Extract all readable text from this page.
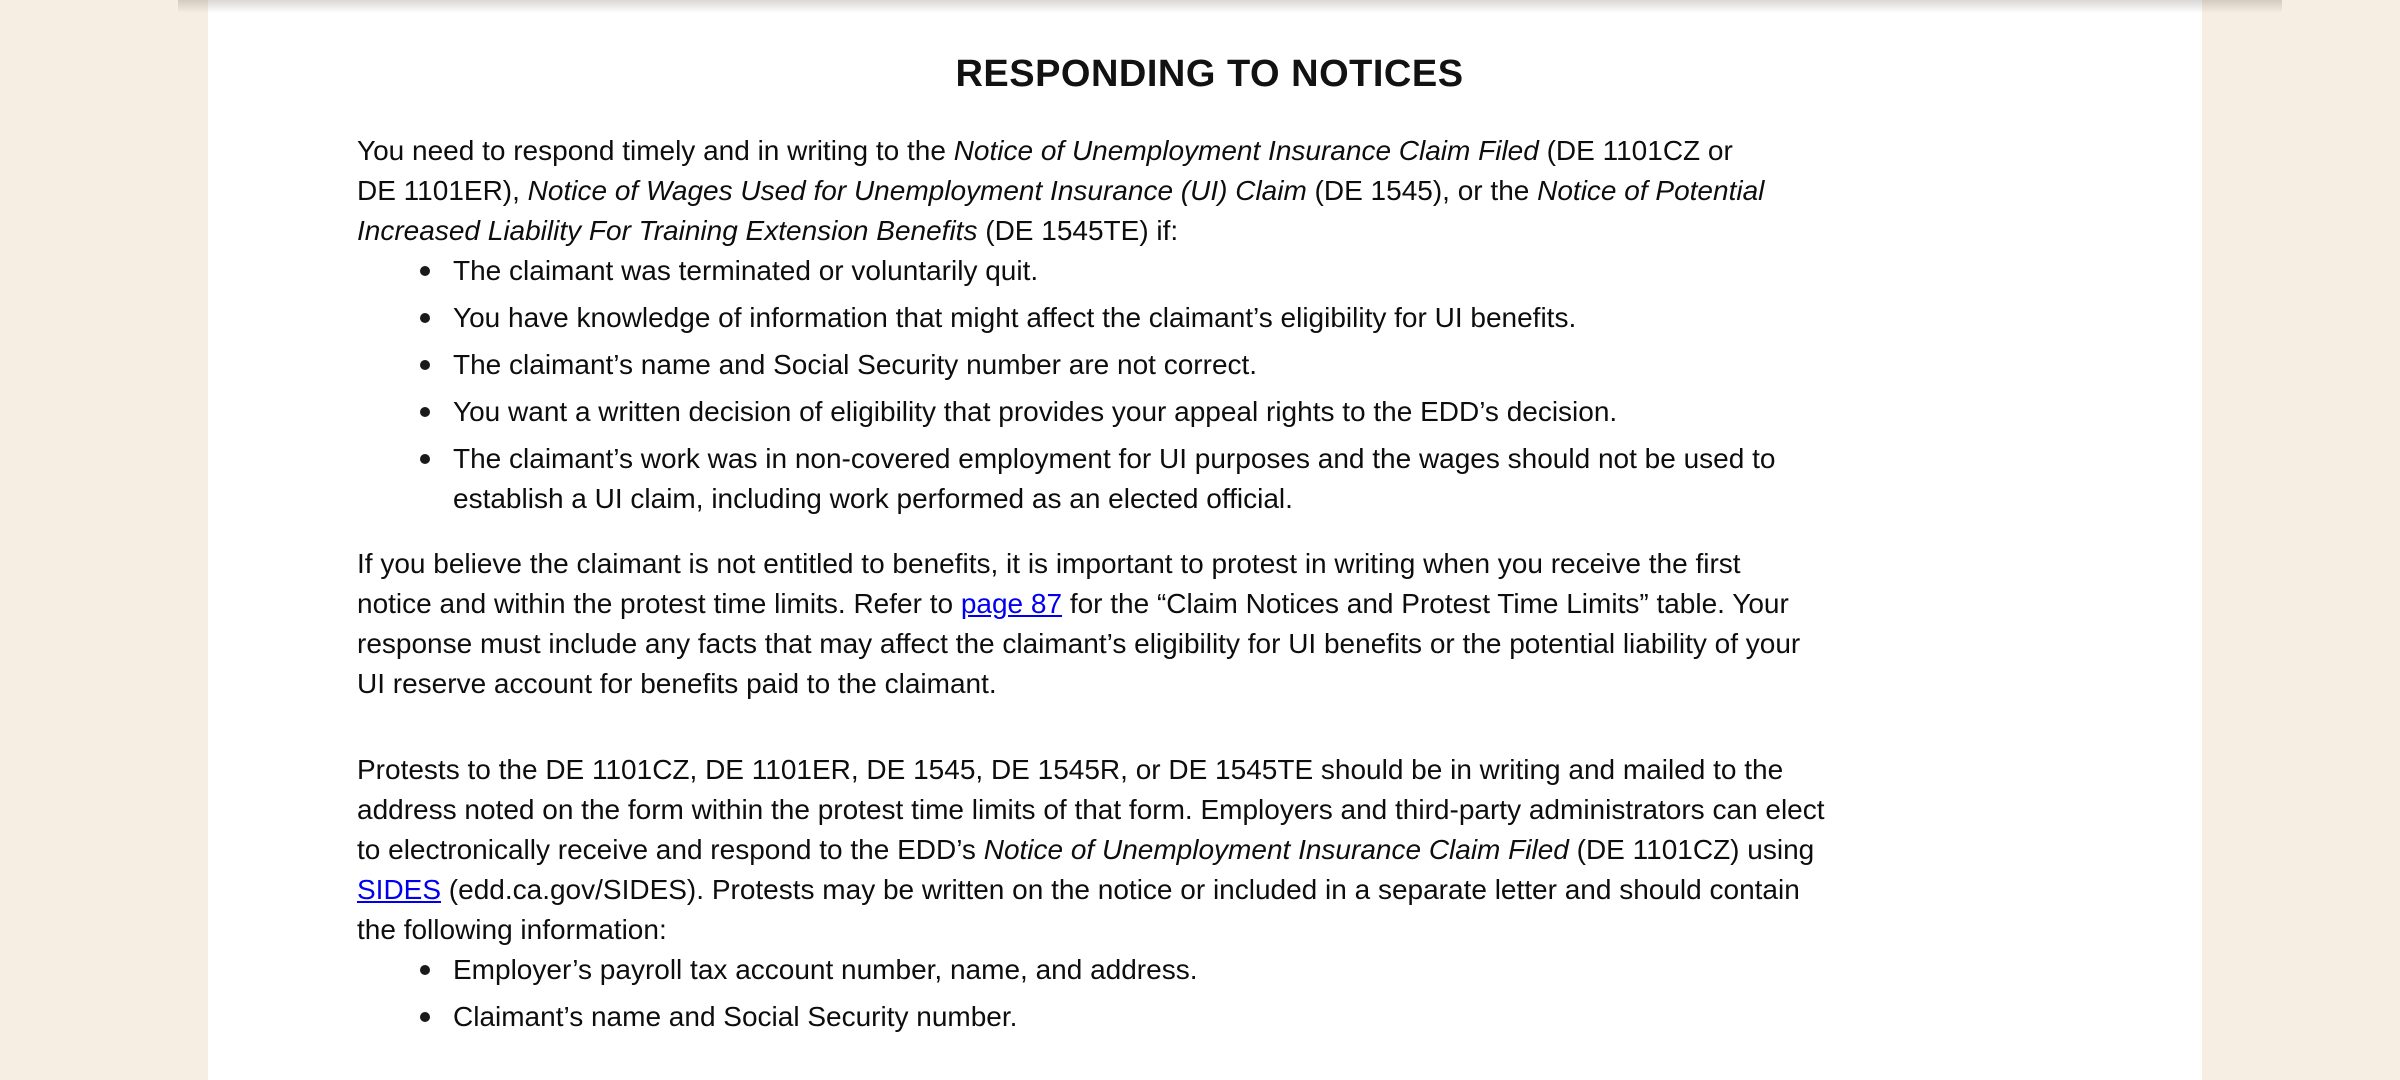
RESPONDING TO NOTICES
You need to respond timely and in writing to the Notice of Unemployment Insurance Claim Filed (DE 1101CZ or
DE 1101ER), Notice of Wages Used for Unemployment Insurance (UI) Claim (DE 1545), or the Notice of Potential
Increased Liability For Training Extension Benefits (DE 1545TE) if:
The claimant was terminated or voluntarily quit.
You have knowledge of information that might affect the claimant’s eligibility for UI benefits.
The claimant’s name and Social Security number are not correct.
You want a written decision of eligibility that provides your appeal rights to the EDD’s decision.
The claimant’s work was in non-covered employment for UI purposes and the wages should not be used to
establish a UI claim, including work performed as an elected official.
If you believe the claimant is not entitled to benefits, it is important to protest in writing when you receive the first
notice and within the protest time limits. Refer to page 87 for the “Claim Notices and Protest Time Limits” table. Your
response must include any facts that may affect the claimant’s eligibility for UI benefits or the potential liability of your
UI reserve account for benefits paid to the claimant.
Protests to the DE 1101CZ, DE 1101ER, DE 1545, DE 1545R, or DE 1545TE should be in writing and mailed to the
address noted on the form within the protest time limits of that form. Employers and third-party administrators can elect
to electronically receive and respond to the EDD’s Notice of Unemployment Insurance Claim Filed (DE 1101CZ) using
SIDES (edd.ca.gov/SIDES). Protests may be written on the notice or included in a separate letter and should contain
the following information:
Employer’s payroll tax account number, name, and address.
Claimant’s name and Social Security number.
